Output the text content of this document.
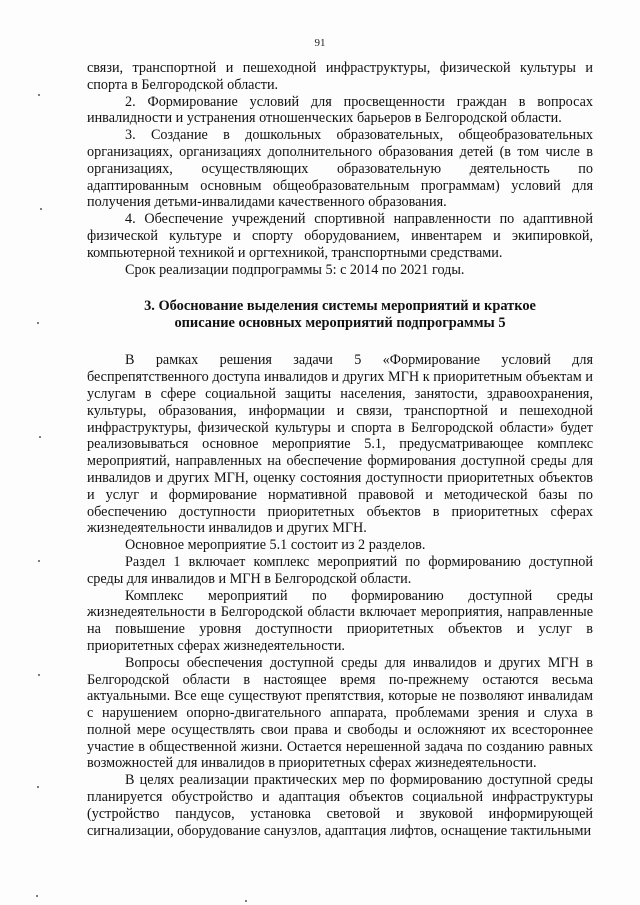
91

связи, транспортной и пешеходной инфраструктуры, физической культуры и спорта в Белгородской области.

2. Формирование условий для просвещенности граждан в вопросах инвалидности и устранения отношенческих барьеров в Белгородской области.

3. Создание в дошкольных образовательных, общеобразовательных организациях, организациях дополнительного образования детей (в том числе в организациях, осуществляющих образовательную деятельность по адаптированным основным общеобразовательным программам) условий для получения детьми-инвалидами качественного образования.

4. Обеспечение учреждений спортивной направленности по адаптивной физической культуре и спорту оборудованием, инвентарем и экипировкой, компьютерной техникой и оргтехникой, транспортными средствами.

Срок реализации подпрограммы 5: с 2014 по 2021 годы.

3. Обоснование выделения системы мероприятий и краткое
описание основных мероприятий подпрограммы 5

В рамках решения задачи 5 «Формирование условий для беспрепятственного доступа инвалидов и других МГН к приоритетным объектам и услугам в сфере социальной защиты населения, занятости, здравоохранения, культуры, образования, информации и связи, транспортной и пешеходной инфраструктуры, физической культуры и спорта в Белгородской области» будет реализовываться основное мероприятие 5.1, предусматривающее комплекс мероприятий, направленных на обеспечение формирования доступной среды для инвалидов и других МГН, оценку состояния доступности приоритетных объектов и услуг и формирование нормативной правовой и методической базы по обеспечению доступности приоритетных объектов в приоритетных сферах жизнедеятельности инвалидов и других МГН.

Основное мероприятие 5.1 состоит из 2 разделов.

Раздел 1 включает комплекс мероприятий по формированию доступной среды для инвалидов и МГН в Белгородской области.

Комплекс мероприятий по формированию доступной среды жизнедеятельности в Белгородской области включает мероприятия, направленные на повышение уровня доступности приоритетных объектов и услуг в приоритетных сферах жизнедеятельности.

Вопросы обеспечения доступной среды для инвалидов и других МГН в Белгородской области в настоящее время по-прежнему остаются весьма актуальными. Все еще существуют препятствия, которые не позволяют инвалидам с нарушением опорно-двигательного аппарата, проблемами зрения и слуха в полной мере осуществлять свои права и свободы и осложняют их всестороннее участие в общественной жизни. Остается нерешенной задача по созданию равных возможностей для инвалидов в приоритетных сферах жизнедеятельности.

В целях реализации практических мер по формированию доступной среды планируется обустройство и адаптация объектов социальной инфраструктуры (устройство пандусов, установка световой и звуковой информирующей сигнализации, оборудование санузлов, адаптация лифтов, оснащение тактильными
